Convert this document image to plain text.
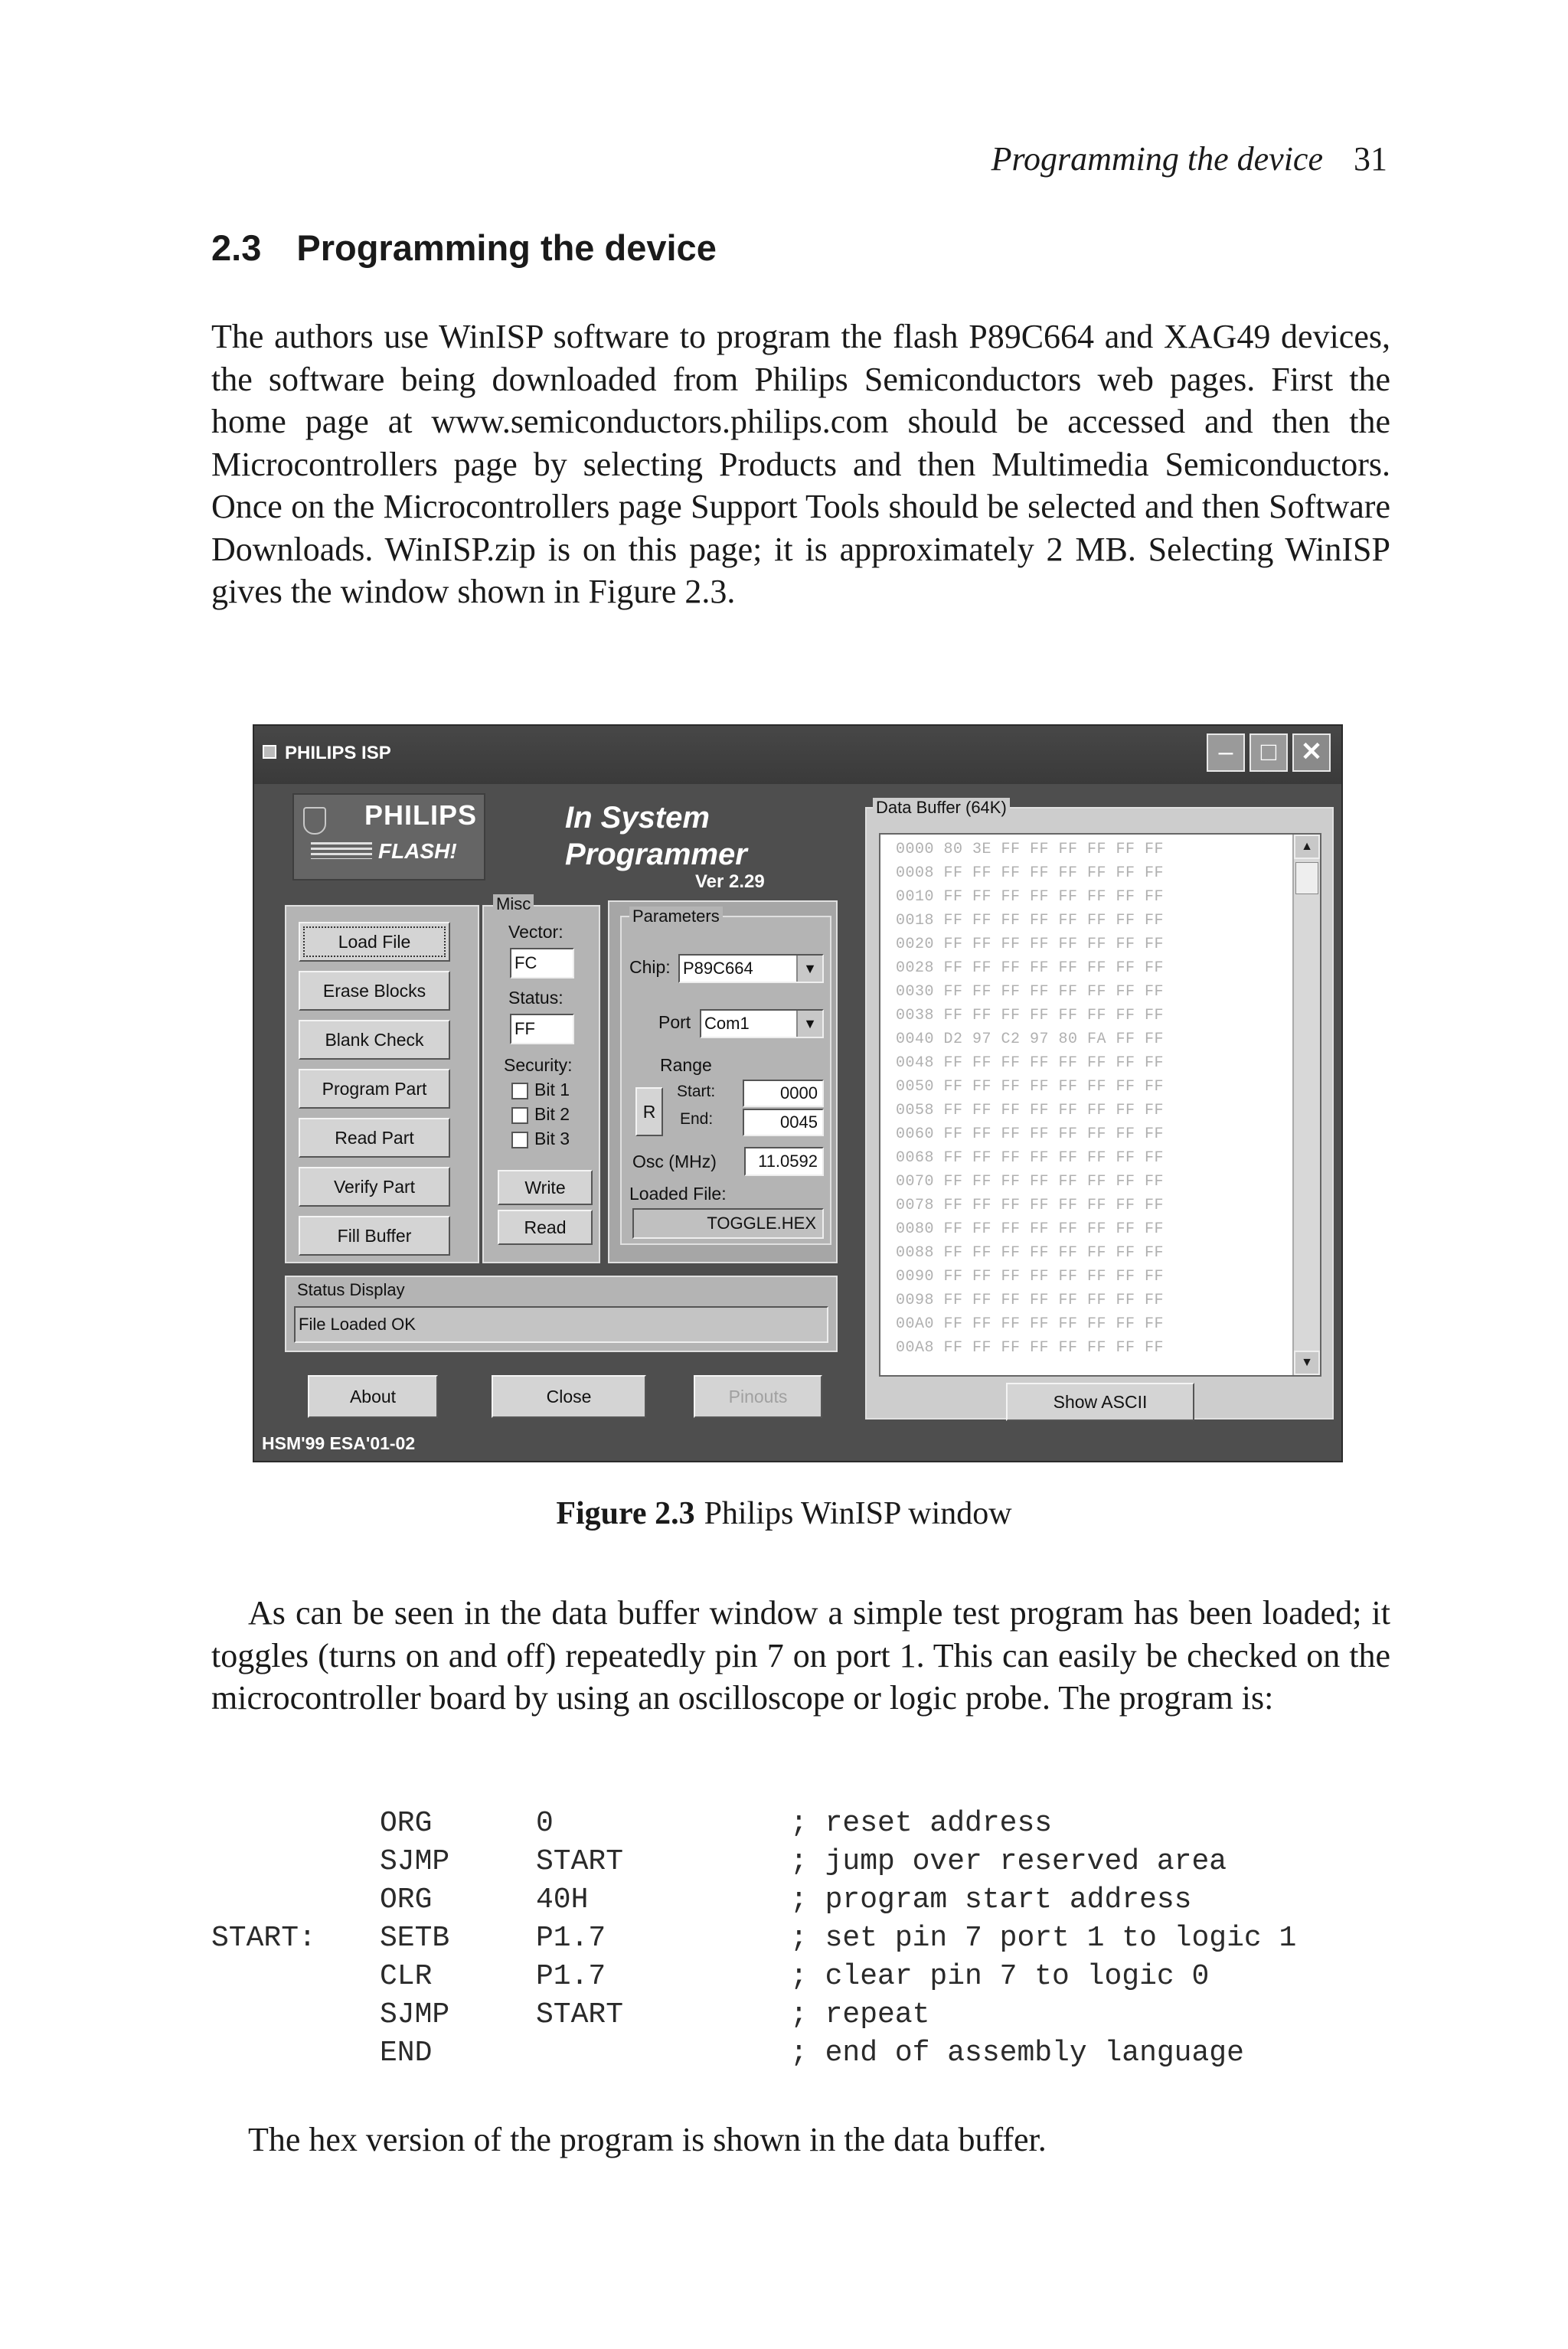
Programming the device 31
2.3 Programming the device
The authors use WinISP software to program the flash P89C664 and XAG49 devices, the software being downloaded from Philips Semiconductors web pages. First the home page at www.semiconductors.philips.com should be accessed and then the Microcontrollers page by selecting Products and then Multimedia Semiconductors. Once on the Microcontrollers page Support Tools should be selected and then Software Downloads. WinISP.zip is on this page; it is approximately 2 MB. Selecting WinISP gives the window shown in Figure 2.3.
PHILIPS ISP	–	□ ✕
PHILIPS
FLASH!
In System
Programmer
Ver 2.29
Load File
Erase Blocks
Blank Check
Program Part
Read Part
Verify Part
Fill Buffer
Misc
Vector:
FC
Status:
FF
Security:
Bit 1
Bit 2
Bit 3
Write
Read
Parameters
Chip: P89C664	▼
Port Com1	▼
Range
R
Start:	0000
End:	0045
Osc (MHz)	11.0592
Loaded File:
TOGGLE.HEX
Status Display
File Loaded OK
About	Close	Pinouts
HSM'99 ESA'01-02
Data Buffer (64K)
0000 80 3E FF FF FF FF FF FF
0008 FF FF FF FF FF FF FF FF
0010 FF FF FF FF FF FF FF FF
0018 FF FF FF FF FF FF FF FF
0020 FF FF FF FF FF FF FF FF
0028 FF FF FF FF FF FF FF FF
0030 FF FF FF FF FF FF FF FF
0038 FF FF FF FF FF FF FF FF
0040 D2 97 C2 97 80 FA FF FF
0048 FF FF FF FF FF FF FF FF
0050 FF FF FF FF FF FF FF FF
0058 FF FF FF FF FF FF FF FF
0060 FF FF FF FF FF FF FF FF
0068 FF FF FF FF FF FF FF FF
0070 FF FF FF FF FF FF FF FF
0078 FF FF FF FF FF FF FF FF
0080 FF FF FF FF FF FF FF FF
0088 FF FF FF FF FF FF FF FF
0090 FF FF FF FF FF FF FF FF
0098 FF FF FF FF FF FF FF FF
00A0 FF FF FF FF FF FF FF FF
00A8 FF FF FF FF FF FF FF FF
▲
▼
Show ASCII
Figure 2.3 Philips WinISP window
As can be seen in the data buffer window a simple test program has been loaded; it toggles (turns on and off) repeatedly pin 7 on port 1. This can easily be checked on the microcontroller board by using an oscilloscope or logic probe. The program is:
ORG	0	; reset address
SJMP	START	; jump over reserved area
ORG	40H	; program start address
START: SETB	P1.7	; set pin 7 port 1 to logic 1
CLR	P1.7	; clear pin 7 to logic 0
SJMP	START	; repeat
END	; end of assembly language
The hex version of the program is shown in the data buffer.
